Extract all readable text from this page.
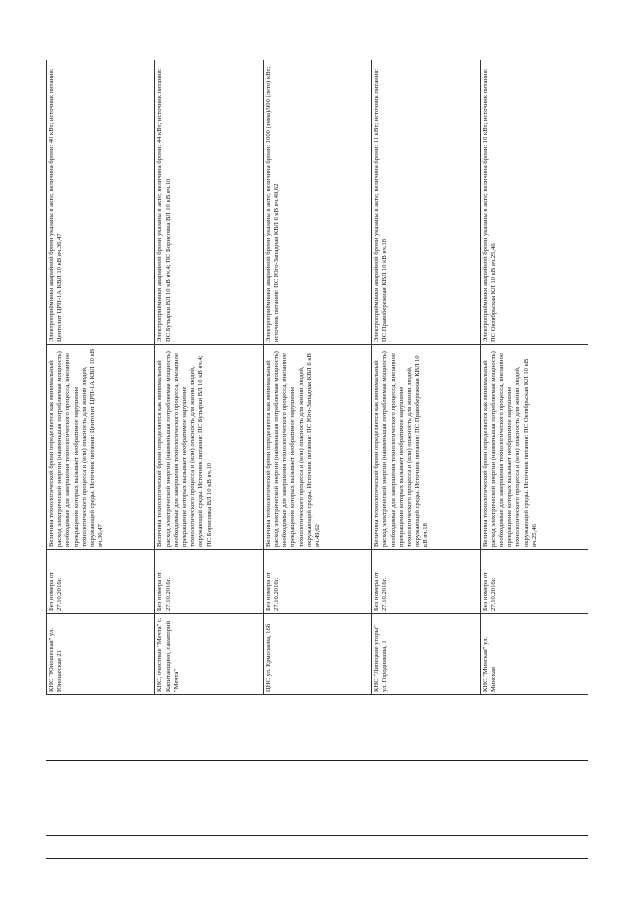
КНС "Юношеская" ул. Юношеская 21	Без номера от 27.10.2016г.	Величина технологической брони определяется как минимальный расход электрической энергии (наименьшая потребляемая мощность) необходимые для завершения технологического процесса, внезапное прекращение которых вызывает необратимое нарушение технологического процесса и (или) опасность для жизни людей, окружающей среды. Источник питания: Центолит ЦРП-1А КВЛ 10 кВ яч.36,47	Электроприёмники аварийной брони указаны в акте; величина брони: 40 кВт; источник питания: Центолит ЦРП-1А КВЛ 10 кВ яч.36,47
КНС, очистные "Мечта" с. Капитанщино, санаторий "Мечта"	Без номера от 27.10.2016г.	Величина технологической брони определяется как минимальный расход электрической энергии (наименьшая потребляемая мощность) необходимые для завершения технологического процесса, внезапное прекращение которых вызывает необратимое нарушение технологического процесса и (или) опасность для жизни людей, окружающей среды. Источник питания: ПС Бутырки ВЛ 10 кВ яч.4; ПС Борисовка ВЛ 10 кВ яч.10	Электроприёмники аварийной брони указаны в акте; величина брони: 44 кВт; источник питания: ПС Бутырки ВЛ 10 кВ яч.4; ПС Борисовка ВЛ 10 кВ яч.10
ЦНС ул. Ермолаева, 16б	Без номера от 27.10.2016г.	Величина технологической брони определяется как минимальный расход электрической энергии (наименьшая потребляемая мощность) необходимые для завершения технологического процесса, внезапное прекращение которых вызывает необратимое нарушение технологического процесса и (или) опасность для жизни людей, окружающей среды. Источник питания: ПС Юго-Западная КВЛ 6 кВ яч.49,62	Электроприёмники аварийной брони указаны в акте; величина брони: 1000 (зима)/900 (лето) кВт; источник питания: ПС Юго-Западная КВЛ 6 кВ яч.49,62
КНС "Липецкие угоры" ул. Городникова, 1	Без номера от 27.10.2016г.	Величина технологической брони определяется как минимальный расход электрической энергии (наименьшая потребляемая мощность) необходимые для завершения технологического процесса, внезапное прекращение которых вызывает необратимое нарушение технологического процесса и (или) опасность для жизни людей, окружающей среды. Источник питания: ПС Правобережная КВЛ 10 кВ яч.18	Электроприёмники аварийной брони указаны в акте; величина брони: 11 кВт; источник питания: ПС Правобережная КВЛ 10 кВ яч.18
КНС "Минская" ул. Минская	Без номера от 27.10.2016г.	Величина технологической брони определяется как минимальный расход электрической энергии (наименьшая потребляемая мощность) необходимые для завершения технологического процесса, внезапное прекращение которых вызывает необратимое нарушение технологического процесса и (или) опасность для жизни людей, окружающей среды. Источник питания: ПС Октябрьская КЛ 10 кВ яч.25,46	Электроприёмники аварийной брони указаны в акте; величина брони: 10 кВт; источник питания: ПС Октябрьская КЛ 10 кВ яч.25,46
